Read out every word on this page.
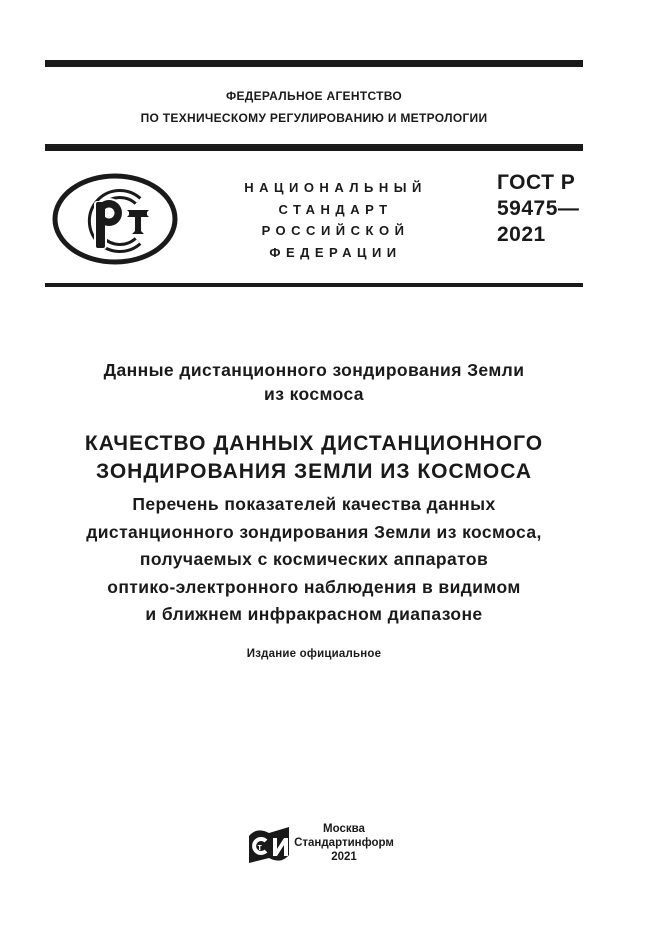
ФЕДЕРАЛЬНОЕ АГЕНТСТВО
ПО ТЕХНИЧЕСКОМУ РЕГУЛИРОВАНИЮ И МЕТРОЛОГИИ
НАЦИОНАЛЬНЫЙ
СТАНДАРТ
РОССИЙСКОЙ
ФЕДЕРАЦИИ
ГОСТ Р
59475—
2021
Данные дистанционного зондирования Земли
из космоса
КАЧЕСТВО ДАННЫХ ДИСТАНЦИОННОГО
ЗОНДИРОВАНИЯ ЗЕМЛИ ИЗ КОСМОСА
Перечень показателей качества данных
дистанционного зондирования Земли из космоса,
получаемых с космических аппаратов
оптико-электронного наблюдения в видимом
и ближнем инфракрасном диапазоне
Издание официальное
т
Москва
Стандартинформ
2021
